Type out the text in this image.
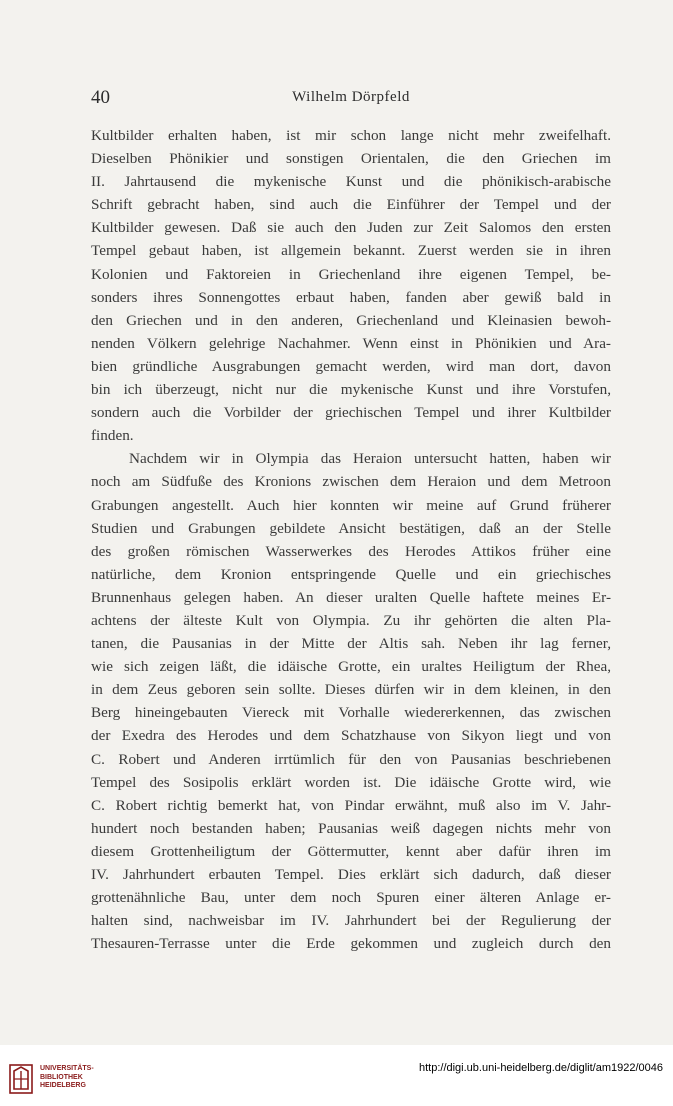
40	Wilhelm Dörpfeld
Kultbilder erhalten haben, ist mir schon lange nicht mehr zweifelhaft.
Dieselben Phönikier und sonstigen Orientalen, die den Griechen im
II. Jahrtausend die mykenische Kunst und die phönikisch-arabische
Schrift gebracht haben, sind auch die Einführer der Tempel und der
Kultbilder gewesen. Daß sie auch den Juden zur Zeit Salomos den ersten
Tempel gebaut haben, ist allgemein bekannt. Zuerst werden sie in ihren
Kolonien und Faktoreien in Griechenland ihre eigenen Tempel, be-
sonders ihres Sonnengottes erbaut haben, fanden aber gewiß bald in
den Griechen und in den anderen, Griechenland und Kleinasien bewoh-
nenden Völkern gelehrige Nachahmer. Wenn einst in Phönikien und Ara-
bien gründliche Ausgrabungen gemacht werden, wird man dort, davon
bin ich überzeugt, nicht nur die mykenische Kunst und ihre Vorstufen,
sondern auch die Vorbilder der griechischen Tempel und ihrer Kultbilder
finden.
Nachdem wir in Olympia das Heraion untersucht hatten, haben wir
noch am Südfuße des Kronions zwischen dem Heraion und dem Metroon
Grabungen angestellt. Auch hier konnten wir meine auf Grund früherer
Studien und Grabungen gebildete Ansicht bestätigen, daß an der Stelle
des großen römischen Wasserwerkes des Herodes Attikos früher eine
natürliche, dem Kronion entspringende Quelle und ein griechisches
Brunnenhaus gelegen haben. An dieser uralten Quelle haftete meines Er-
achtens der älteste Kult von Olympia. Zu ihr gehörten die alten Pla-
tanen, die Pausanias in der Mitte der Altis sah. Neben ihr lag ferner,
wie sich zeigen läßt, die idäische Grotte, ein uraltes Heiligtum der Rhea,
in dem Zeus geboren sein sollte. Dieses dürfen wir in dem kleinen, in den
Berg hineingebauten Viereck mit Vorhalle wiedererkennen, das zwischen
der Exedra des Herodes und dem Schatzhause von Sikyon liegt und von
C. Robert und Anderen irrtümlich für den von Pausanias beschriebenen
Tempel des Sosipolis erklärt worden ist. Die idäische Grotte wird, wie
C. Robert richtig bemerkt hat, von Pindar erwähnt, muß also im V. Jahr-
hundert noch bestanden haben; Pausanias weiß dagegen nichts mehr von
diesem Grottenheiligtum der Göttermutter, kennt aber dafür ihren im
IV. Jahrhundert erbauten Tempel. Dies erklärt sich dadurch, daß dieser
grottenähnliche Bau, unter dem noch Spuren einer älteren Anlage er-
halten sind, nachweisbar im IV. Jahrhundert bei der Regulierung der
Thesauren-Terrasse unter die Erde gekommen und zugleich durch den
UNIVERSITÄTS-
BIBLIOTHEK
HEIDELBERG
http://digi.ub.uni-heidelberg.de/diglit/am1922/0046
